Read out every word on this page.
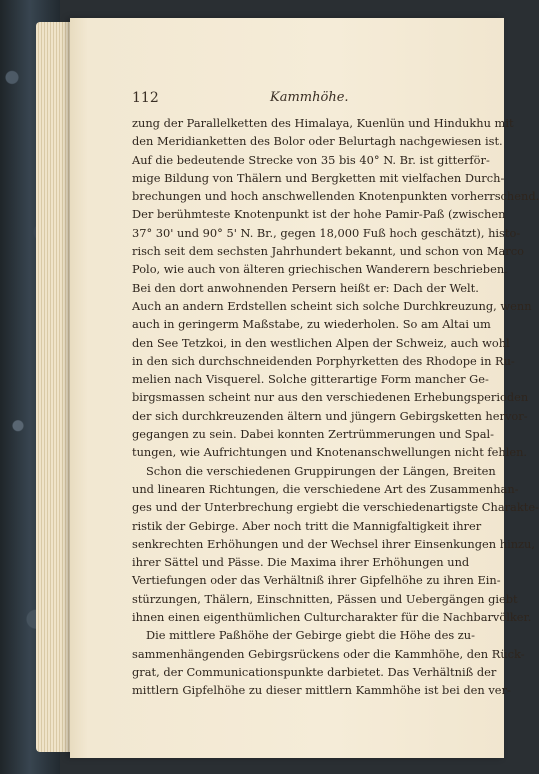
112	Kammhöhe.
zung der Parallelketten des Himalaya, Kuenlün und Hindukhu mit
den Meridianketten des Bolor oder Belurtagh nachgewiesen ist.
Auf die bedeutende Strecke von 35 bis 40° N. Br. ist gitterför-
mige Bildung von Thälern und Bergketten mit vielfachen Durch-
brechungen und hoch anschwellenden Knotenpunkten vorherrschend.
Der berühmteste Knotenpunkt ist der hohe Pamir-Paß (zwischen
37° 30' und 90° 5' N. Br., gegen 18,000 Fuß hoch geschätzt), histo-
risch seit dem sechsten Jahrhundert bekannt, und schon von Marco
Polo, wie auch von älteren griechischen Wanderern beschrieben.
Bei den dort anwohnenden Persern heißt er: Dach der Welt.
Auch an andern Erdstellen scheint sich solche Durchkreuzung, wenn
auch in geringerm Maßstabe, zu wiederholen. So am Altai um
den See Tetzkoi, in den westlichen Alpen der Schweiz, auch wohl
in den sich durchschneidenden Porphyrketten des Rhodope in Ru-
melien nach Visquerel. Solche gitterartige Form mancher Ge-
birgsmassen scheint nur aus den verschiedenen Erhebungsperioden
der sich durchkreuzenden ältern und jüngern Gebirgsketten hervor-
gegangen zu sein. Dabei konnten Zertrümmerungen und Spal-
tungen, wie Aufrichtungen und Knotenanschwellungen nicht fehlen.
Schon die verschiedenen Gruppirungen der Längen, Breiten
und linearen Richtungen, die verschiedene Art des Zusammenhan-
ges und der Unterbrechung ergiebt die verschiedenartigste Charakte-
ristik der Gebirge. Aber noch tritt die Mannigfaltigkeit ihrer
senkrechten Erhöhungen und der Wechsel ihrer Einsenkungen hinzu,
ihrer Sättel und Pässe. Die Maxima ihrer Erhöhungen und
Vertiefungen oder das Verhältniß ihrer Gipfelhöhe zu ihren Ein-
stürzungen, Thälern, Einschnitten, Pässen und Uebergängen giebt
ihnen einen eigenthümlichen Culturcharakter für die Nachbarvölker.
Die mittlere Paßhöhe der Gebirge giebt die Höhe des zu-
sammenhängenden Gebirgsrückens oder die Kammhöhe, den Rück-
grat, der Communicationspunkte darbietet. Das Verhältniß der
mittlern Gipfelhöhe zu dieser mittlern Kammhöhe ist bei den ver-
